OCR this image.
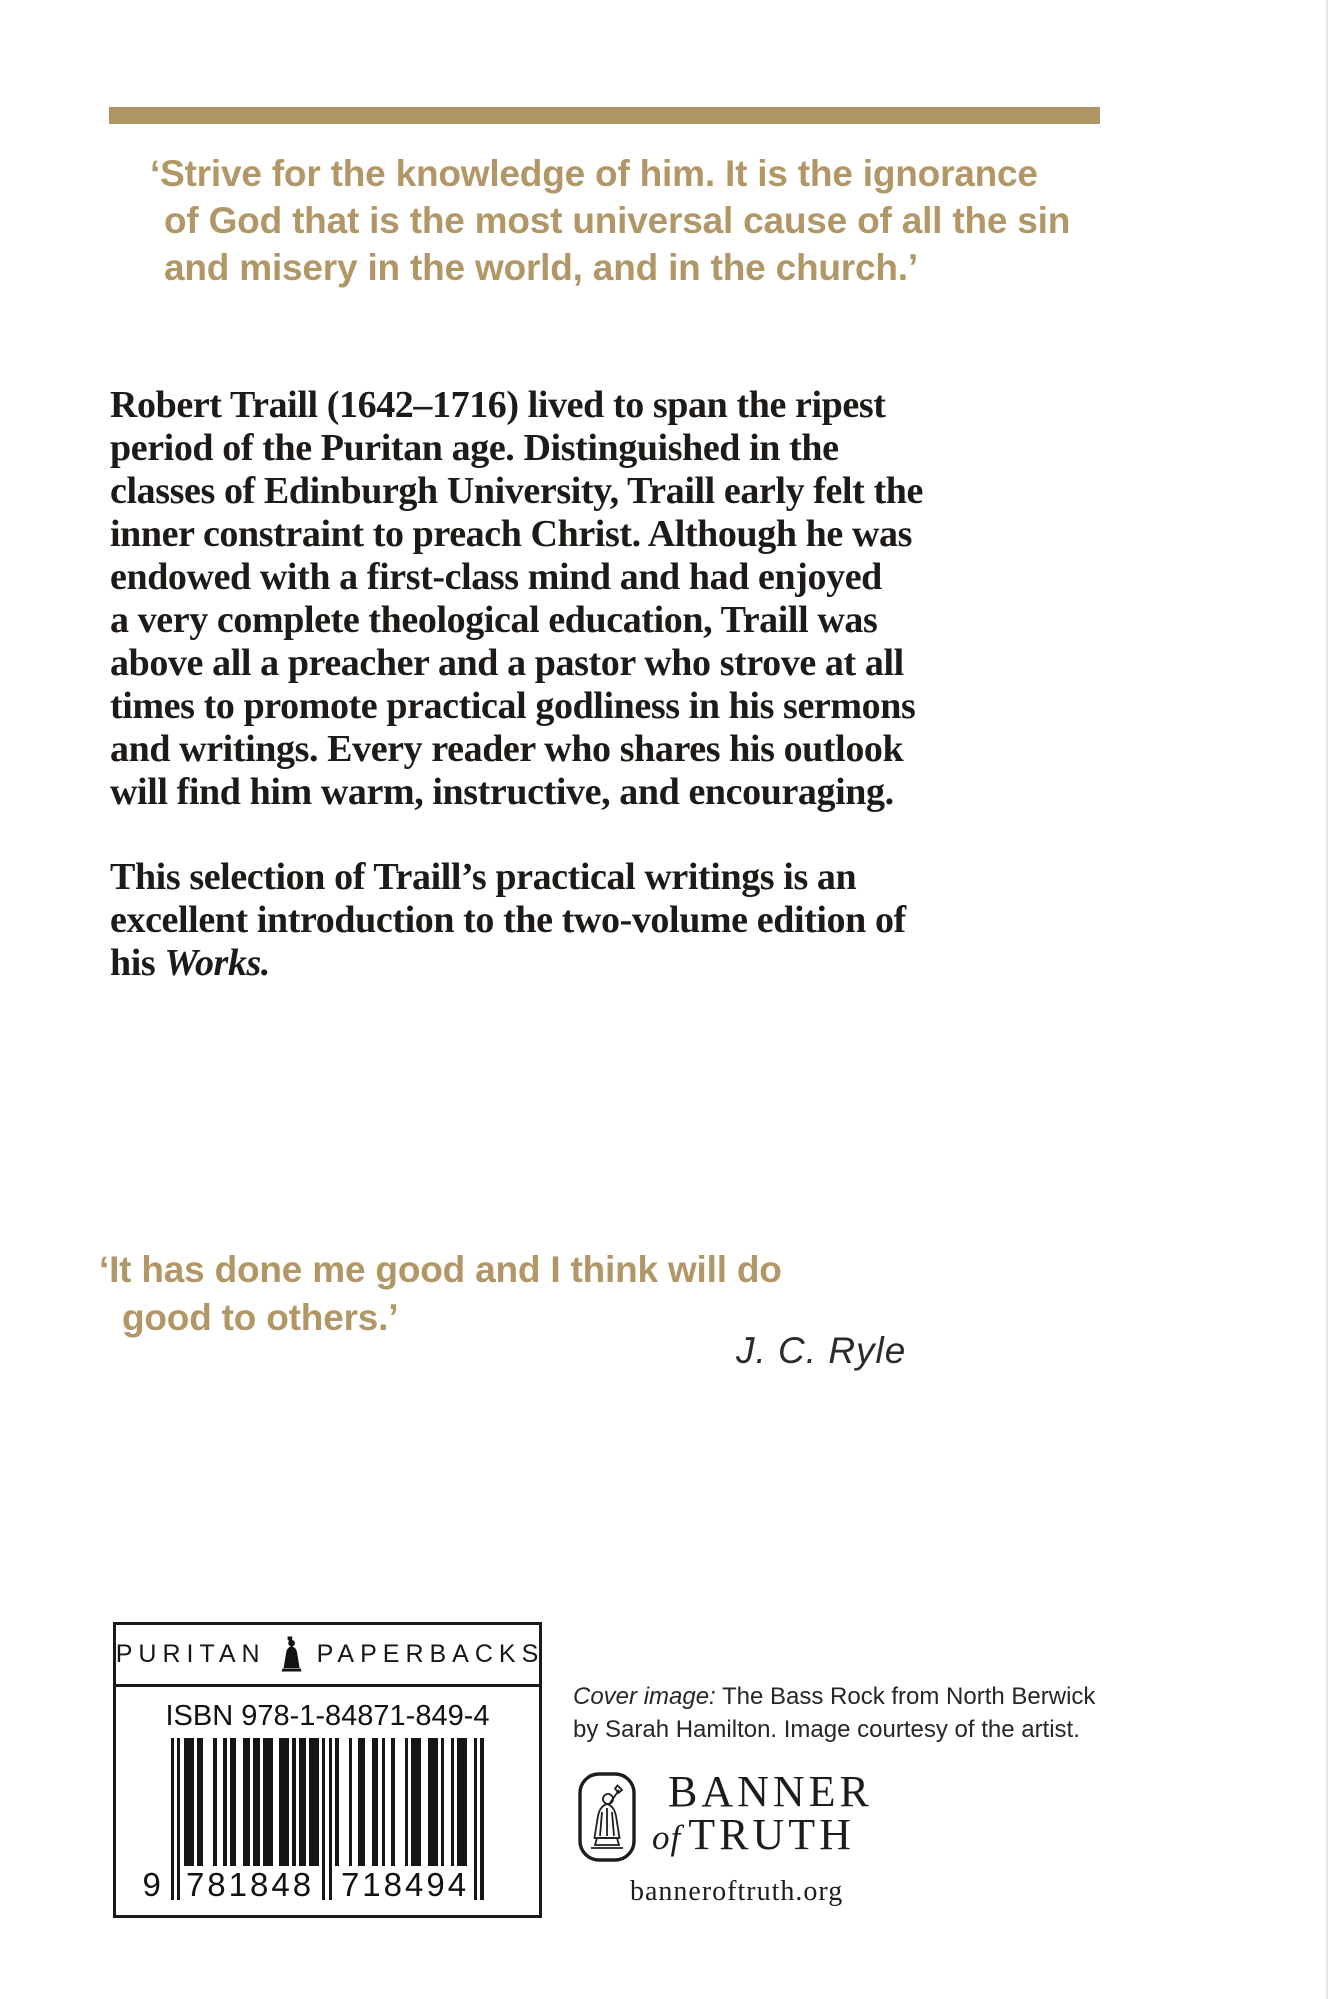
‘Strive for the knowledge of him. It is the ignorance
of God that is the most universal cause of all the sin
and misery in the world, and in the church.’
Robert Traill (1642–1716) lived to span the ripest
period of the Puritan age. Distinguished in the
classes of Edinburgh University, Traill early felt the
inner constraint to preach Christ. Although he was
endowed with a first-class mind and had enjoyed
a very complete theological education, Traill was
above all a preacher and a pastor who strove at all
times to promote practical godliness in his sermons
and writings. Every reader who shares his outlook
will find him warm, instructive, and encouraging.
This selection of Traill’s practical writings is an
excellent introduction to the two-volume edition of
his Works.
‘It has done me good and I think will do
good to others.’
J. C. Ryle
PURITAN PAPERBACKS
ISBN 978-1-84871-849-4
9 781848 718494
Cover image: The Bass Rock from North Berwick
by Sarah Hamilton. Image courtesy of the artist.
BANNER
of TRUTH
banneroftruth.org
